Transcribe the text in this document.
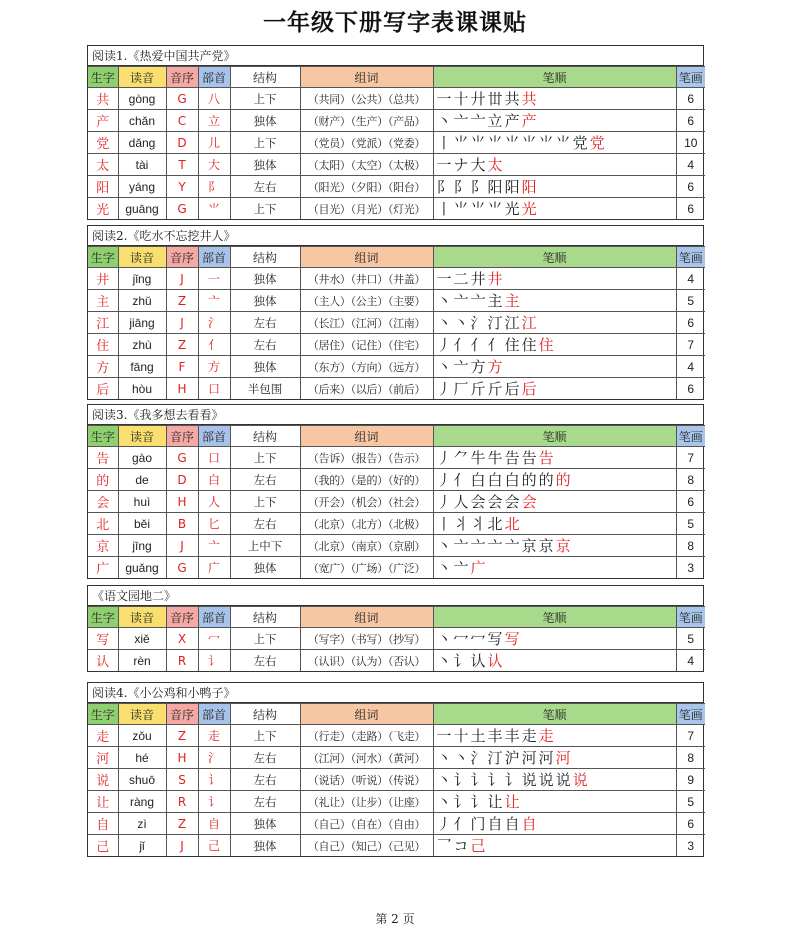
一年级下册写字表课课贴
阅读1.《热爱中国共产党》
生字	读音	音序	部首	结构	组词	笔顺	笔画
共	gòng	G	八	上下	（共同）（公共）（总共）	一 十 廾 丗 共 共	6
产	chǎn	C	立	独体	（财产）（生产）（产品）	丶 亠 亠 立 产 产	6
党	dǎng	D	儿	上下	（党员）（党派）（党委）	丨 ⺌ ⺌ ⺌ ⺌ ⺌ ⺌ ⺌ 党 党	10
太	tài	T	大	独体	（太阳）（太空）（太极）	一 ナ 大 太	4
阳	yáng	Y	阝	左右	（阳光）（夕阳）（阳台）	阝 阝 阝 阳 阳 阳	6
光	guāng	G	⺌	上下	（目光）（月光）（灯光）	丨 ⺌ ⺌ ⺌ 光 光	6
阅读2.《吃水不忘挖井人》
生字	读音	音序	部首	结构	组词	笔顺	笔画
井	jǐng	J	一	独体	（井水）（井口）（井盖）	一 二 井 井	4
主	zhǔ	Z	亠	独体	（主人）（公主）（主要）	丶 亠 亠 主 主	5
江	jiāng	J	氵	左右	（长江）（江河）（江南）	丶 丶 氵 汀 江 江	6
住	zhù	Z	亻	左右	（居住）（记住）（住宅）	丿 亻 亻 亻 住 住 住	7
方	fāng	F	方	独体	（东方）（方向）（远方）	丶 亠 方 方	4
后	hòu	H	口	半包围	（后来）（以后）（前后）	丿 厂 斤 斤 后 后	6
阅读3.《我多想去看看》
生字	读音	音序	部首	结构	组词	笔顺	笔画
告	gào	G	口	上下	（告诉）（报告）（告示）	丿 ⺈ 牛 牛 告 告 告	7
的	de	D	白	左右	（我的）（是的）（好的）	丿 亻 白 白 白 的 的 的	8
会	huì	H	人	上下	（开会）（机会）（社会）	丿 人 会 会 会 会	6
北	běi	B	匕	左右	（北京）（北方）（北极）	丨 丬 丬 北 北	5
京	jīng	J	亠	上中下	（北京）（南京）（京剧）	丶 亠 亠 亠 亠 京 京 京	8
广	guǎng	G	广	独体	（宽广）（广场）（广泛）	丶 亠 广	3
《语文园地二》
生字	读音	音序	部首	结构	组词	笔顺	笔画
写	xiě	X	冖	上下	（写字）（书写）（抄写）	丶 冖 冖 写 写	5
认	rèn	R	讠	左右	（认识）（认为）（否认）	丶 讠 认 认	4
阅读4.《小公鸡和小鸭子》
生字	读音	音序	部首	结构	组词	笔顺	笔画
走	zǒu	Z	走	上下	（行走）（走路）（飞走）	一 十 土 丰 丰 走 走	7
河	hé	H	氵	左右	（江河）（河水）（黄河）	丶 丶 氵 汀 沪 河 河 河	8
说	shuō	S	讠	左右	（说话）（听说）（传说）	丶 讠 讠 讠 讠 说 说 说 说	9
让	ràng	R	讠	左右	（礼让）（让步）（让座）	丶 讠 讠 让 让	5
自	zì	Z	自	独体	（自己）（自在）（自由）	丿 亻 门 自 自 自	6
己	jǐ	J	己	独体	（自己）（知己）（己见）	乛 コ 己	3
第 2 页
